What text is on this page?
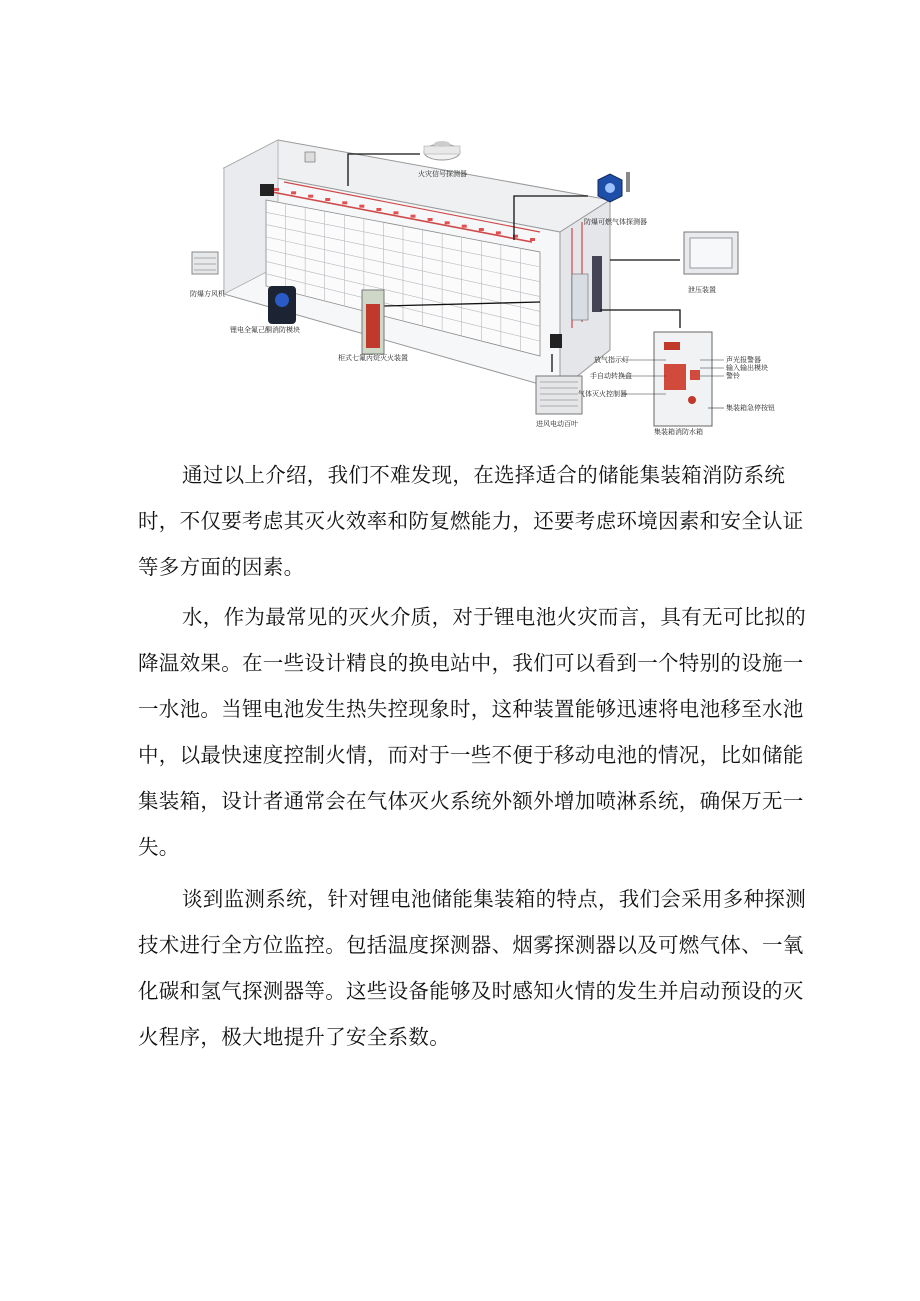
火灾信号探测器
防爆可燃气体探测器
泄压装置
防爆方风机
锂电全氟己酮消防模块
柜式七氟丙烷灭火装置
进风电动百叶
放气指示灯
手自动转换盒
气体灭火控制器
声光报警器
输入输出模块
警铃
集装箱急停按钮
集装箱消防水箱

通过以上介绍，我们不难发现，在选择适合的储能集装箱消防系统时，不仅要考虑其灭火效率和防复燃能力，还要考虑环境因素和安全认证等多方面的因素。

水，作为最常见的灭火介质，对于锂电池火灾而言，具有无可比拟的降温效果。在一些设计精良的换电站中，我们可以看到一个特别的设施一一水池。当锂电池发生热失控现象时，这种装置能够迅速将电池移至水池中，以最快速度控制火情，而对于一些不便于移动电池的情况，比如储能集装箱，设计者通常会在气体灭火系统外额外增加喷淋系统，确保万无一失。

谈到监测系统，针对锂电池储能集装箱的特点，我们会采用多种探测技术进行全方位监控。包括温度探测器、烟雾探测器以及可燃气体、一氧化碳和氢气探测器等。这些设备能够及时感知火情的发生并启动预设的灭火程序，极大地提升了安全系数。
